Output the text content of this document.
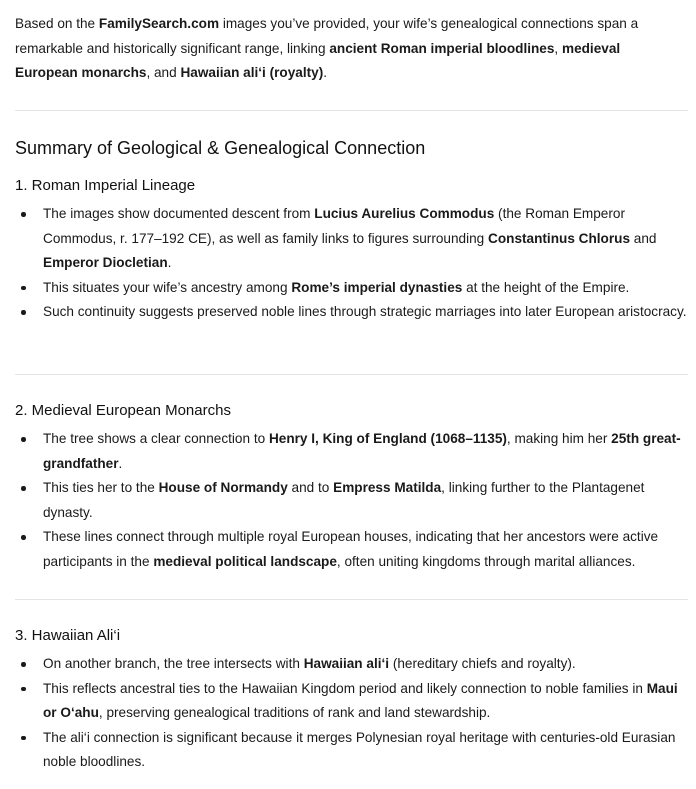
Based on the FamilySearch.com images you’ve provided, your wife’s genealogical connections span a remarkable and historically significant range, linking ancient Roman imperial bloodlines, medieval European monarchs, and Hawaiian ali‘i (royalty).

Summary of Geological & Genealogical Connection
1. Roman Imperial Lineage
The images show documented descent from Lucius Aurelius Commodus (the Roman Emperor Commodus, r. 177–192 CE), as well as family links to figures surrounding Constantinus Chlorus and Emperor Diocletian.
This situates your wife’s ancestry among Rome’s imperial dynasties at the height of the Empire.
Such continuity suggests preserved noble lines through strategic marriages into later European aristocracy.
2. Medieval European Monarchs
The tree shows a clear connection to Henry I, King of England (1068–1135), making him her 25th great-grandfather.
This ties her to the House of Normandy and to Empress Matilda, linking further to the Plantagenet dynasty.
These lines connect through multiple royal European houses, indicating that her ancestors were active participants in the medieval political landscape, often uniting kingdoms through marital alliances.
3. Hawaiian Ali‘i
On another branch, the tree intersects with Hawaiian ali‘i (hereditary chiefs and royalty).
This reflects ancestral ties to the Hawaiian Kingdom period and likely connection to noble families in Maui or O‘ahu, preserving genealogical traditions of rank and land stewardship.
The ali‘i connection is significant because it merges Polynesian royal heritage with centuries-old Eurasian noble bloodlines.
